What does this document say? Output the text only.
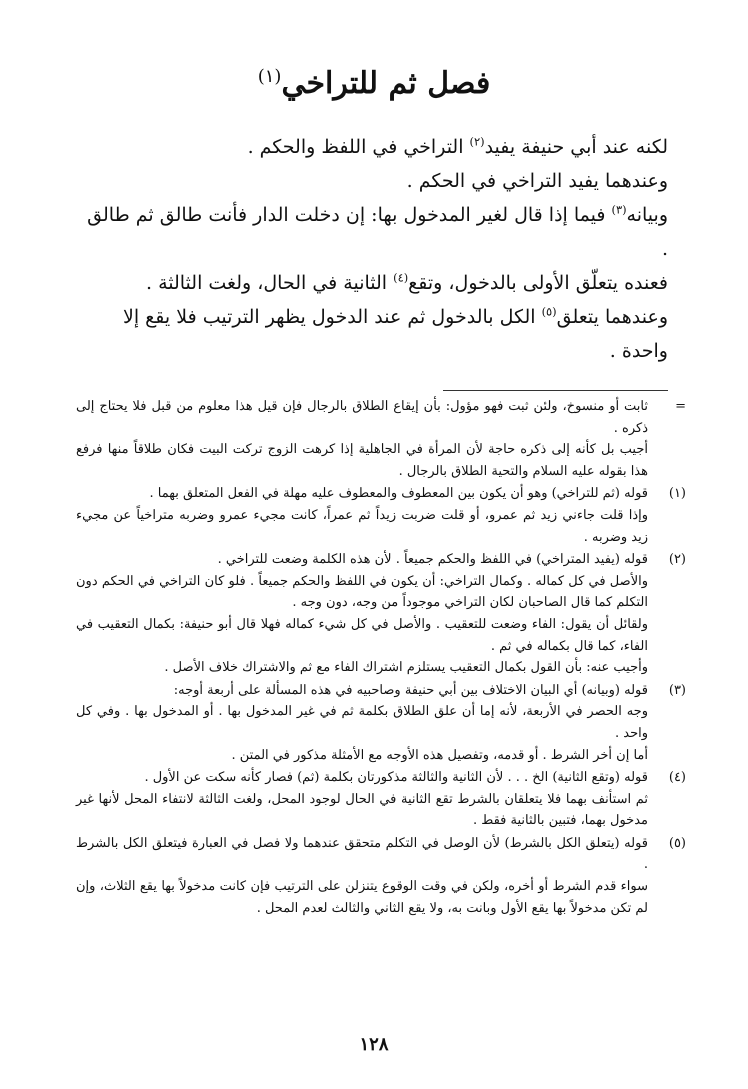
فصل ثم للتراخي$^{(١)}$

لكنه عند أبي حنيفة يفيد$^{(٢)}$ التراخي في اللفظ والحكم .

وعندهما يفيد التراخي في الحكم .

وبيانه$^{(٣)}$ فيما إذا قال لغير المدخول بها: إن دخلت الدار فأنت طالق ثم طالق .

فعنده يتعلّق الأولى بالدخول، وتقع$^{(٤)}$ الثانية في الحال، ولغت الثالثة .

وعندهما يتعلق$^{(٥)}$ الكل بالدخول ثم عند الدخول يظهر الترتيب فلا يقع إلا واحدة .

=

ثابت أو منسوخ، ولئن ثبت فهو مؤول: بأن إيقاع الطلاق بالرجال فإن قيل هذا معلوم من قبل فلا يحتاج إلى ذكره .

أجيب بل كأنه إلى ذكره حاجة لأن المرأة في الجاهلية إذا كرهت الزوج تركت البيت فكان طلاقاً منها فرفع هذا بقوله عليه السلام والتحية الطلاق بالرجال .

(١)

قوله (ثم للتراخي) وهو أن يكون بين المعطوف والمعطوف عليه مهلة في الفعل المتعلق بهما .

وإذا قلت جاءني زيد ثم عمرو، أو قلت ضربت زيداً ثم عمراً، كانت مجيء عمرو وضربه متراخياً عن مجيء زيد وضربه .

(٢)

قوله (يفيد المتراخي) في اللفظ والحكم جميعاً . لأن هذه الكلمة وضعت للتراخي .

والأصل في كل كماله . وكمال التراخي: أن يكون في اللفظ والحكم جميعاً . فلو كان التراخي في الحكم دون التكلم كما قال الصاحبان لكان التراخي موجوداً من وجه، دون وجه .

ولقائل أن يقول: الفاء وضعت للتعقيب . والأصل في كل شيء كماله فهلا قال أبو حنيفة: بكمال التعقيب في الفاء، كما قال بكماله في ثم .

وأجيب عنه: بأن القول بكمال التعقيب يستلزم اشتراك الفاء مع ثم والاشتراك خلاف الأصل .

(٣)

قوله (وبيانه) أي البيان الاختلاف بين أبي حنيفة وصاحبيه في هذه المسألة على أربعة أوجه:

وجه الحصر في الأربعة، لأنه إما أن علق الطلاق بكلمة ثم في غير المدخول بها . أو المدخول بها . وفي كل واحد .

أما إن أخر الشرط . أو قدمه، وتفصيل هذه الأوجه مع الأمثلة مذكور في المتن .

(٤)

قوله (وتقع الثانية) الخ . . . لأن الثانية والثالثة مذكورتان بكلمة (ثم) فصار كأنه سكت عن الأول .

ثم استأنف بهما فلا يتعلقان بالشرط تقع الثانية في الحال لوجود المحل، ولغت الثالثة لانتفاء المحل لأنها غير مدخول بهما، فتبين بالثانية فقط .

(٥)

قوله (يتعلق الكل بالشرط) لأن الوصل في التكلم متحقق عندهما ولا فصل في العبارة فيتعلق الكل بالشرط .

سواء قدم الشرط أو أخره، ولكن في وقت الوقوع يتنزلن على الترتيب فإن كانت مدخولاً بها يقع الثلاث، وإن لم تكن مدخولاً بها يقع الأول وبانت به، ولا يقع الثاني والثالث لعدم المحل .

١٢٨
